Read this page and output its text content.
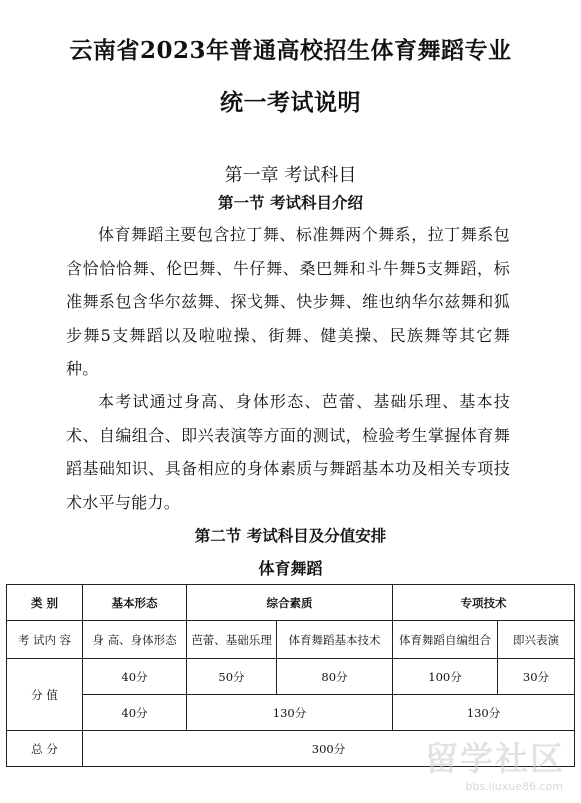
云南省2023年普通高校招生体育舞蹈专业
统一考试说明
第一章 考试科目
第一节 考试科目介绍

体育舞蹈主要包含拉丁舞、标准舞两个舞系，拉丁舞系包含恰恰恰舞、伦巴舞、牛仔舞、桑巴舞和斗牛舞5支舞蹈，标准舞系包含华尔兹舞、探戈舞、快步舞、维也纳华尔兹舞和狐步舞5支舞蹈以及啦啦操、街舞、健美操、民族舞等其它舞种。

本考试通过身高、身体形态、芭蕾、基础乐理、基本技术、自编组合、即兴表演等方面的测试，检验考生掌握体育舞蹈基础知识、具备相应的身体素质与舞蹈基本功及相关专项技术水平与能力。

第二节 考试科目及分值安排
体育舞蹈
类 别	基本形态	综合素质		专项技术	
考 试内 容	身 高、身体形态	芭蕾、基础乐理	体育舞蹈基本技术	体育舞蹈自编组合	即兴表演
分 值	40分	50分	80分	100分	30分
	40分	130分		130分	
总 分	300分				留学社区
bbs.liuxue86.com
